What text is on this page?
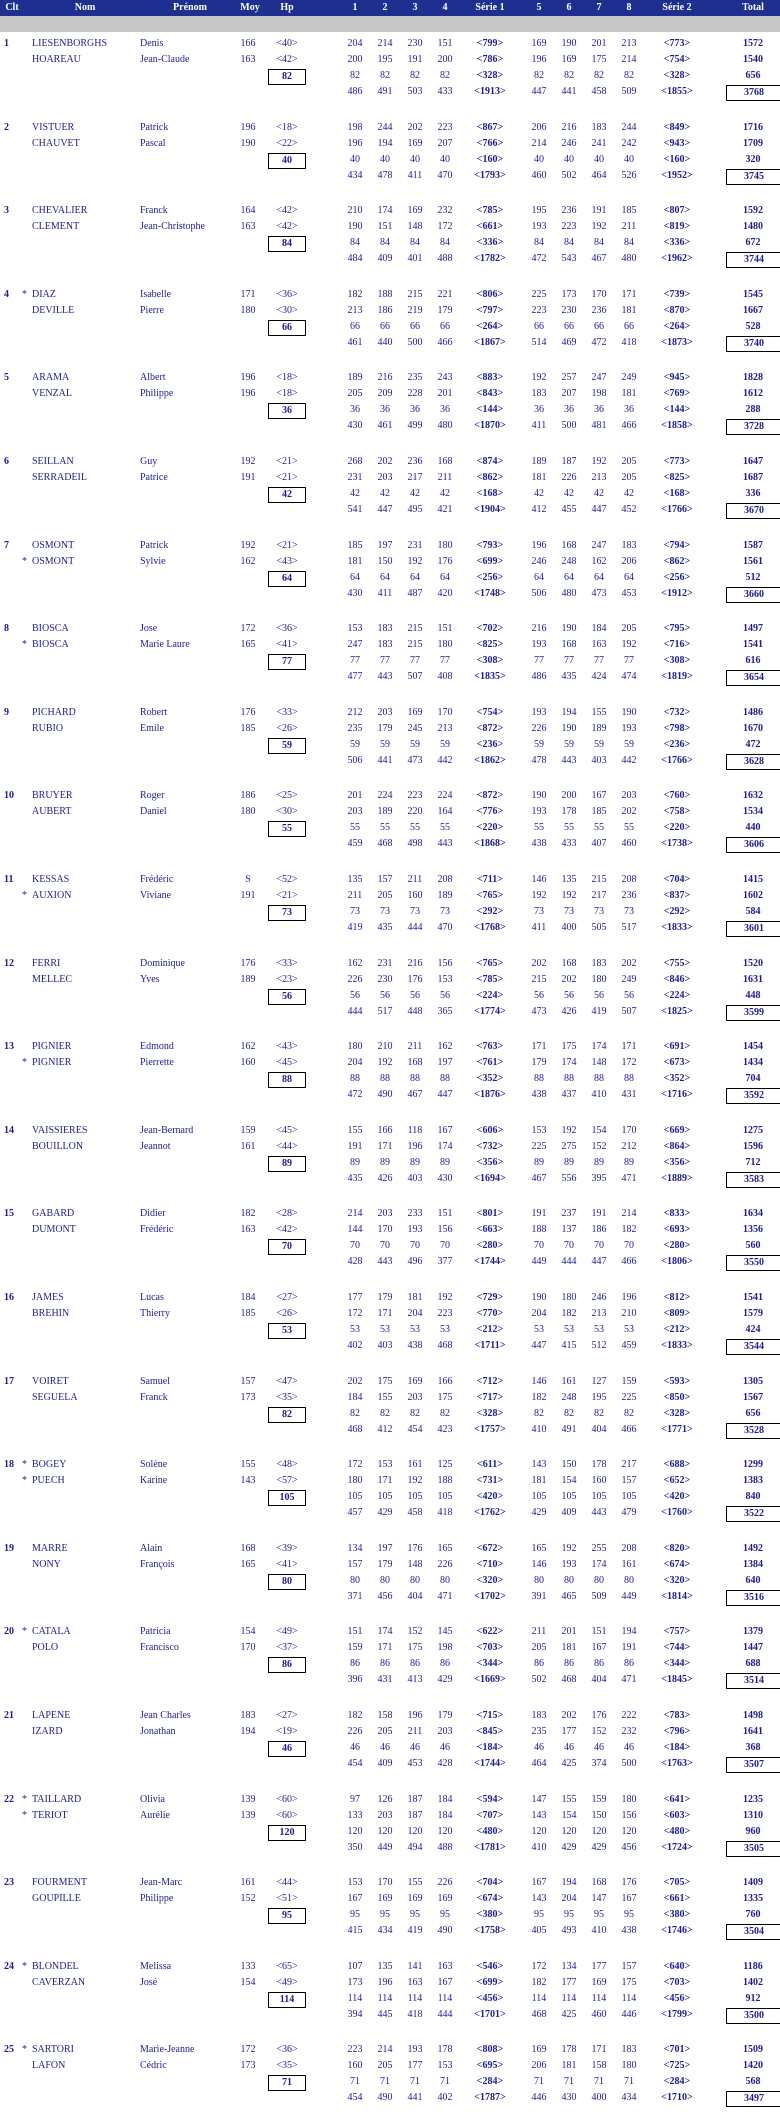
Clt	Nom	Prénom	Moy	Hp	1	2	3	4	Série 1	5	6	7	8	Série 2	Total
1	LIESENBORGHS	Denis	166	<40>	204	214	230	151	<799>	169	190	201	213	<773>	1572
HOAREAU	Jean-Claude	163	<42>	200	195	191	200	<786>	196	169	175	214	<754>	1540
82	82	82	82	82	<328>	82	82	82	82	<328>	656
486	491	503	433	<1913>	447	441	458	509	<1855>	3768
2	VISTUER	Patrick	196	<18>	198	244	202	223	<867>	206	216	183	244	<849>	1716
CHAUVET	Pascal	190	<22>	196	194	169	207	<766>	214	246	241	242	<943>	1709
40	40	40	40	40	<160>	40	40	40	40	<160>	320
434	478	411	470	<1793>	460	502	464	526	<1952>	3745
3	CHEVALIER	Franck	164	<42>	210	174	169	232	<785>	195	236	191	185	<807>	1592
CLEMENT	Jean-Christophe	163	<42>	190	151	148	172	<661>	193	223	192	211	<819>	1480
84	84	84	84	84	<336>	84	84	84	84	<336>	672
484	409	401	488	<1782>	472	543	467	480	<1962>	3744
4	* DIAZ	Isabelle	171	<36>	182	188	215	221	<806>	225	173	170	171	<739>	1545
DEVILLE	Pierre	180	<30>	213	186	219	179	<797>	223	230	236	181	<870>	1667
66	66	66	66	66	<264>	66	66	66	66	<264>	528
461	440	500	466	<1867>	514	469	472	418	<1873>	3740
5	ARAMA	Albert	196	<18>	189	216	235	243	<883>	192	257	247	249	<945>	1828
VENZAL	Philippe	196	<18>	205	209	228	201	<843>	183	207	198	181	<769>	1612
36	36	36	36	36	<144>	36	36	36	36	<144>	288
430	461	499	480	<1870>	411	500	481	466	<1858>	3728
6	SEILLAN	Guy	192	<21>	268	202	236	168	<874>	189	187	192	205	<773>	1647
SERRADEIL	Patrice	191	<21>	231	203	217	211	<862>	181	226	213	205	<825>	1687
42	42	42	42	42	<168>	42	42	42	42	<168>	336
541	447	495	421	<1904>	412	455	447	452	<1766>	3670
7	OSMONT	Patrick	192	<21>	185	197	231	180	<793>	196	168	247	183	<794>	1587
* OSMONT	Sylvie	162	<43>	181	150	192	176	<699>	246	248	162	206	<862>	1561
64	64	64	64	64	<256>	64	64	64	64	<256>	512
430	411	487	420	<1748>	506	480	473	453	<1912>	3660
8	BIOSCA	Jose	172	<36>	153	183	215	151	<702>	216	190	184	205	<795>	1497
* BIOSCA	Marie Laure	165	<41>	247	183	215	180	<825>	193	168	163	192	<716>	1541
77	77	77	77	77	<308>	77	77	77	77	<308>	616
477	443	507	408	<1835>	486	435	424	474	<1819>	3654
9	PICHARD	Robert	176	<33>	212	203	169	170	<754>	193	194	155	190	<732>	1486
RUBIO	Emile	185	<26>	235	179	245	213	<872>	226	190	189	193	<798>	1670
59	59	59	59	59	<236>	59	59	59	59	<236>	472
506	441	473	442	<1862>	478	443	403	442	<1766>	3628
10	BRUYER	Roger	186	<25>	201	224	223	224	<872>	190	200	167	203	<760>	1632
AUBERT	Daniel	180	<30>	203	189	220	164	<776>	193	178	185	202	<758>	1534
55	55	55	55	55	<220>	55	55	55	55	<220>	440
459	468	498	443	<1868>	438	433	407	460	<1738>	3606
11	KESSAS	Frédéric	S	<52>	135	157	211	208	<711>	146	135	215	208	<704>	1415
* AUXION	Viviane	191	<21>	211	205	160	189	<765>	192	192	217	236	<837>	1602
73	73	73	73	73	<292>	73	73	73	73	<292>	584
419	435	444	470	<1768>	411	400	505	517	<1833>	3601
12	FERRI	Dominique	176	<33>	162	231	216	156	<765>	202	168	183	202	<755>	1520
MELLEC	Yves	189	<23>	226	230	176	153	<785>	215	202	180	249	<846>	1631
56	56	56	56	56	<224>	56	56	56	56	<224>	448
444	517	448	365	<1774>	473	426	419	507	<1825>	3599
13	PIGNIER	Edmond	162	<43>	180	210	211	162	<763>	171	175	174	171	<691>	1454
* PIGNIER	Pierrette	160	<45>	204	192	168	197	<761>	179	174	148	172	<673>	1434
88	88	88	88	88	<352>	88	88	88	88	<352>	704
472	490	467	447	<1876>	438	437	410	431	<1716>	3592
14	VAISSIERES	Jean-Bernard	159	<45>	155	166	118	167	<606>	153	192	154	170	<669>	1275
BOUILLON	Jeannot	161	<44>	191	171	196	174	<732>	225	275	152	212	<864>	1596
89	89	89	89	89	<356>	89	89	89	89	<356>	712
435	426	403	430	<1694>	467	556	395	471	<1889>	3583
15	GABARD	Didier	182	<28>	214	203	233	151	<801>	191	237	191	214	<833>	1634
DUMONT	Frédéric	163	<42>	144	170	193	156	<663>	188	137	186	182	<693>	1356
70	70	70	70	70	<280>	70	70	70	70	<280>	560
428	443	496	377	<1744>	449	444	447	466	<1806>	3550
16	JAMES	Lucas	184	<27>	177	179	181	192	<729>	190	180	246	196	<812>	1541
BREHIN	Thierry	185	<26>	172	171	204	223	<770>	204	182	213	210	<809>	1579
53	53	53	53	53	<212>	53	53	53	53	<212>	424
402	403	438	468	<1711>	447	415	512	459	<1833>	3544
17	VOIRET	Samuel	157	<47>	202	175	169	166	<712>	146	161	127	159	<593>	1305
SEGUELA	Franck	173	<35>	184	155	203	175	<717>	182	248	195	225	<850>	1567
82	82	82	82	82	<328>	82	82	82	82	<328>	656
468	412	454	423	<1757>	410	491	404	466	<1771>	3528
18 * BOGEY	Solène	155	<48>	172	153	161	125	<611>	143	150	178	217	<688>	1299
* PUECH	Karine	143	<57>	180	171	192	188	<731>	181	154	160	157	<652>	1383
105	105	105	105	105	<420>	105	105	105	105	<420>	840
457	429	458	418	<1762>	429	409	443	479	<1760>	3522
19	MARRE	Alain	168	<39>	134	197	176	165	<672>	165	192	255	208	<820>	1492
NONY	François	165	<41>	157	179	148	226	<710>	146	193	174	161	<674>	1384
80	80	80	80	80	<320>	80	80	80	80	<320>	640
371	456	404	471	<1702>	391	465	509	449	<1814>	3516
20 * CATALA	Patricia	154	<49>	151	174	152	145	<622>	211	201	151	194	<757>	1379
POLO	Francisco	170	<37>	159	171	175	198	<703>	205	181	167	191	<744>	1447
86	86	86	86	86	<344>	86	86	86	86	<344>	688
396	431	413	429	<1669>	502	468	404	471	<1845>	3514
21	LAPENE	Jean Charles	183	<27>	182	158	196	179	<715>	183	202	176	222	<783>	1498
IZARD	Jonathan	194	<19>	226	205	211	203	<845>	235	177	152	232	<796>	1641
46	46	46	46	46	<184>	46	46	46	46	<184>	368
454	409	453	428	<1744>	464	425	374	500	<1763>	3507
22 * TAILLARD	Olivia	139	<60>	97	126	187	184	<594>	147	155	159	180	<641>	1235
* TERIOT	Aurélie	139	<60>	133	203	187	184	<707>	143	154	150	156	<603>	1310
120	120	120	120	120	<480>	120	120	120	120	<480>	960
350	449	494	488	<1781>	410	429	429	456	<1724>	3505
23	FOURMENT	Jean-Marc	161	<44>	153	170	155	226	<704>	167	194	168	176	<705>	1409
GOUPILLE	Philippe	152	<51>	167	169	169	169	<674>	143	204	147	167	<661>	1335
95	95	95	95	95	<380>	95	95	95	95	<380>	760
415	434	419	490	<1758>	405	493	410	438	<1746>	3504
24 * BLONDEL	Melissa	133	<65>	107	135	141	163	<546>	172	134	177	157	<640>	1186
CAVERZAN	José	154	<49>	173	196	163	167	<699>	182	177	169	175	<703>	1402
114	114	114	114	114	<456>	114	114	114	114	<456>	912
394	445	418	444	<1701>	468	425	460	446	<1799>	3500
25 * SARTORI	Marie-Jeanne	172	<36>	223	214	193	178	<808>	169	178	171	183	<701>	1509
LAFON	Cédric	173	<35>	160	205	177	153	<695>	206	181	158	180	<725>	1420
71	71	71	71	71	<284>	71	71	71	71	<284>	568
454	490	441	402	<1787>	446	430	400	434	<1710>	3497
